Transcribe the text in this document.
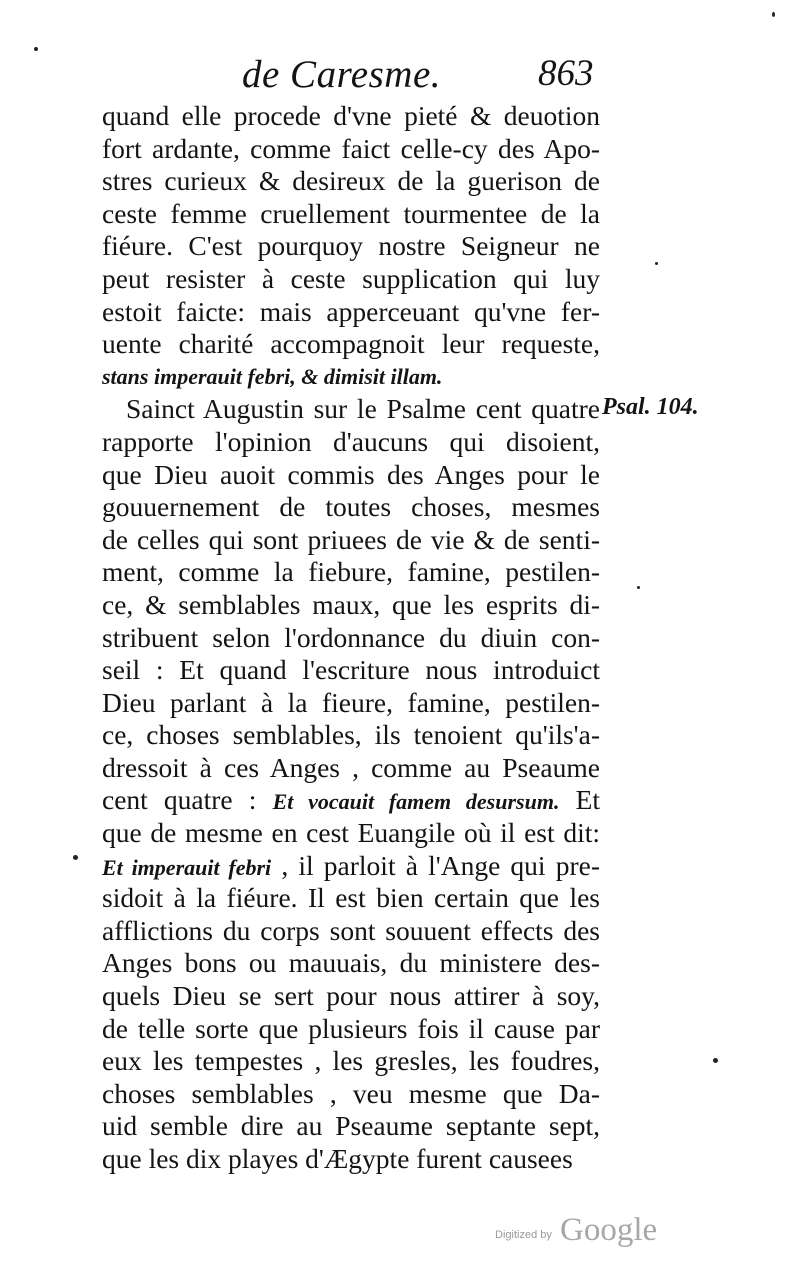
de Caresme.	863
quand elle procede d'vne pieté & deuotion
fort ardante, comme faict celle-cy des Apo-
stres curieux & desireux de la guerison de
ceste femme cruellement tourmentee de la
fiéure. C'est pourquoy nostre Seigneur ne
peut resister à ceste supplication qui luy
estoit faicte: mais apperceuant qu'vne fer-
uente charité accompagnoit leur requeste,
stans imperauit febri, & dimisit illam.
Sainct Augustin sur le Psalme cent quatre
rapporte l'opinion d'aucuns qui disoient,
que Dieu auoit commis des Anges pour le
gouuernement de toutes choses, mesmes
de celles qui sont priuees de vie & de senti-
ment, comme la fiebure, famine, pestilen-
ce, & semblables maux, que les esprits di-
stribuent selon l'ordonnance du diuin con-
seil : Et quand l'escriture nous introduict
Dieu parlant à la fieure, famine, pestilen-
ce, choses semblables, ils tenoient qu'ils'a-
dressoit à ces Anges , comme au Pseaume
cent quatre : Et vocauit famem desursum. Et
que de mesme en cest Euangile où il est dit:
Et imperauit febri , il parloit à l'Ange qui pre-
sidoit à la fiéure. Il est bien certain que les
afflictions du corps sont souuent effects des
Anges bons ou mauuais, du ministere des-
quels Dieu se sert pour nous attirer à soy,
de telle sorte que plusieurs fois il cause par
eux les tempestes , les gresles, les foudres,
choses semblables , veu mesme que Da-
uid semble dire au Pseaume septante sept,
que les dix playes d'Ægypte furent causees
Psal. 104.
Digitized by Google
